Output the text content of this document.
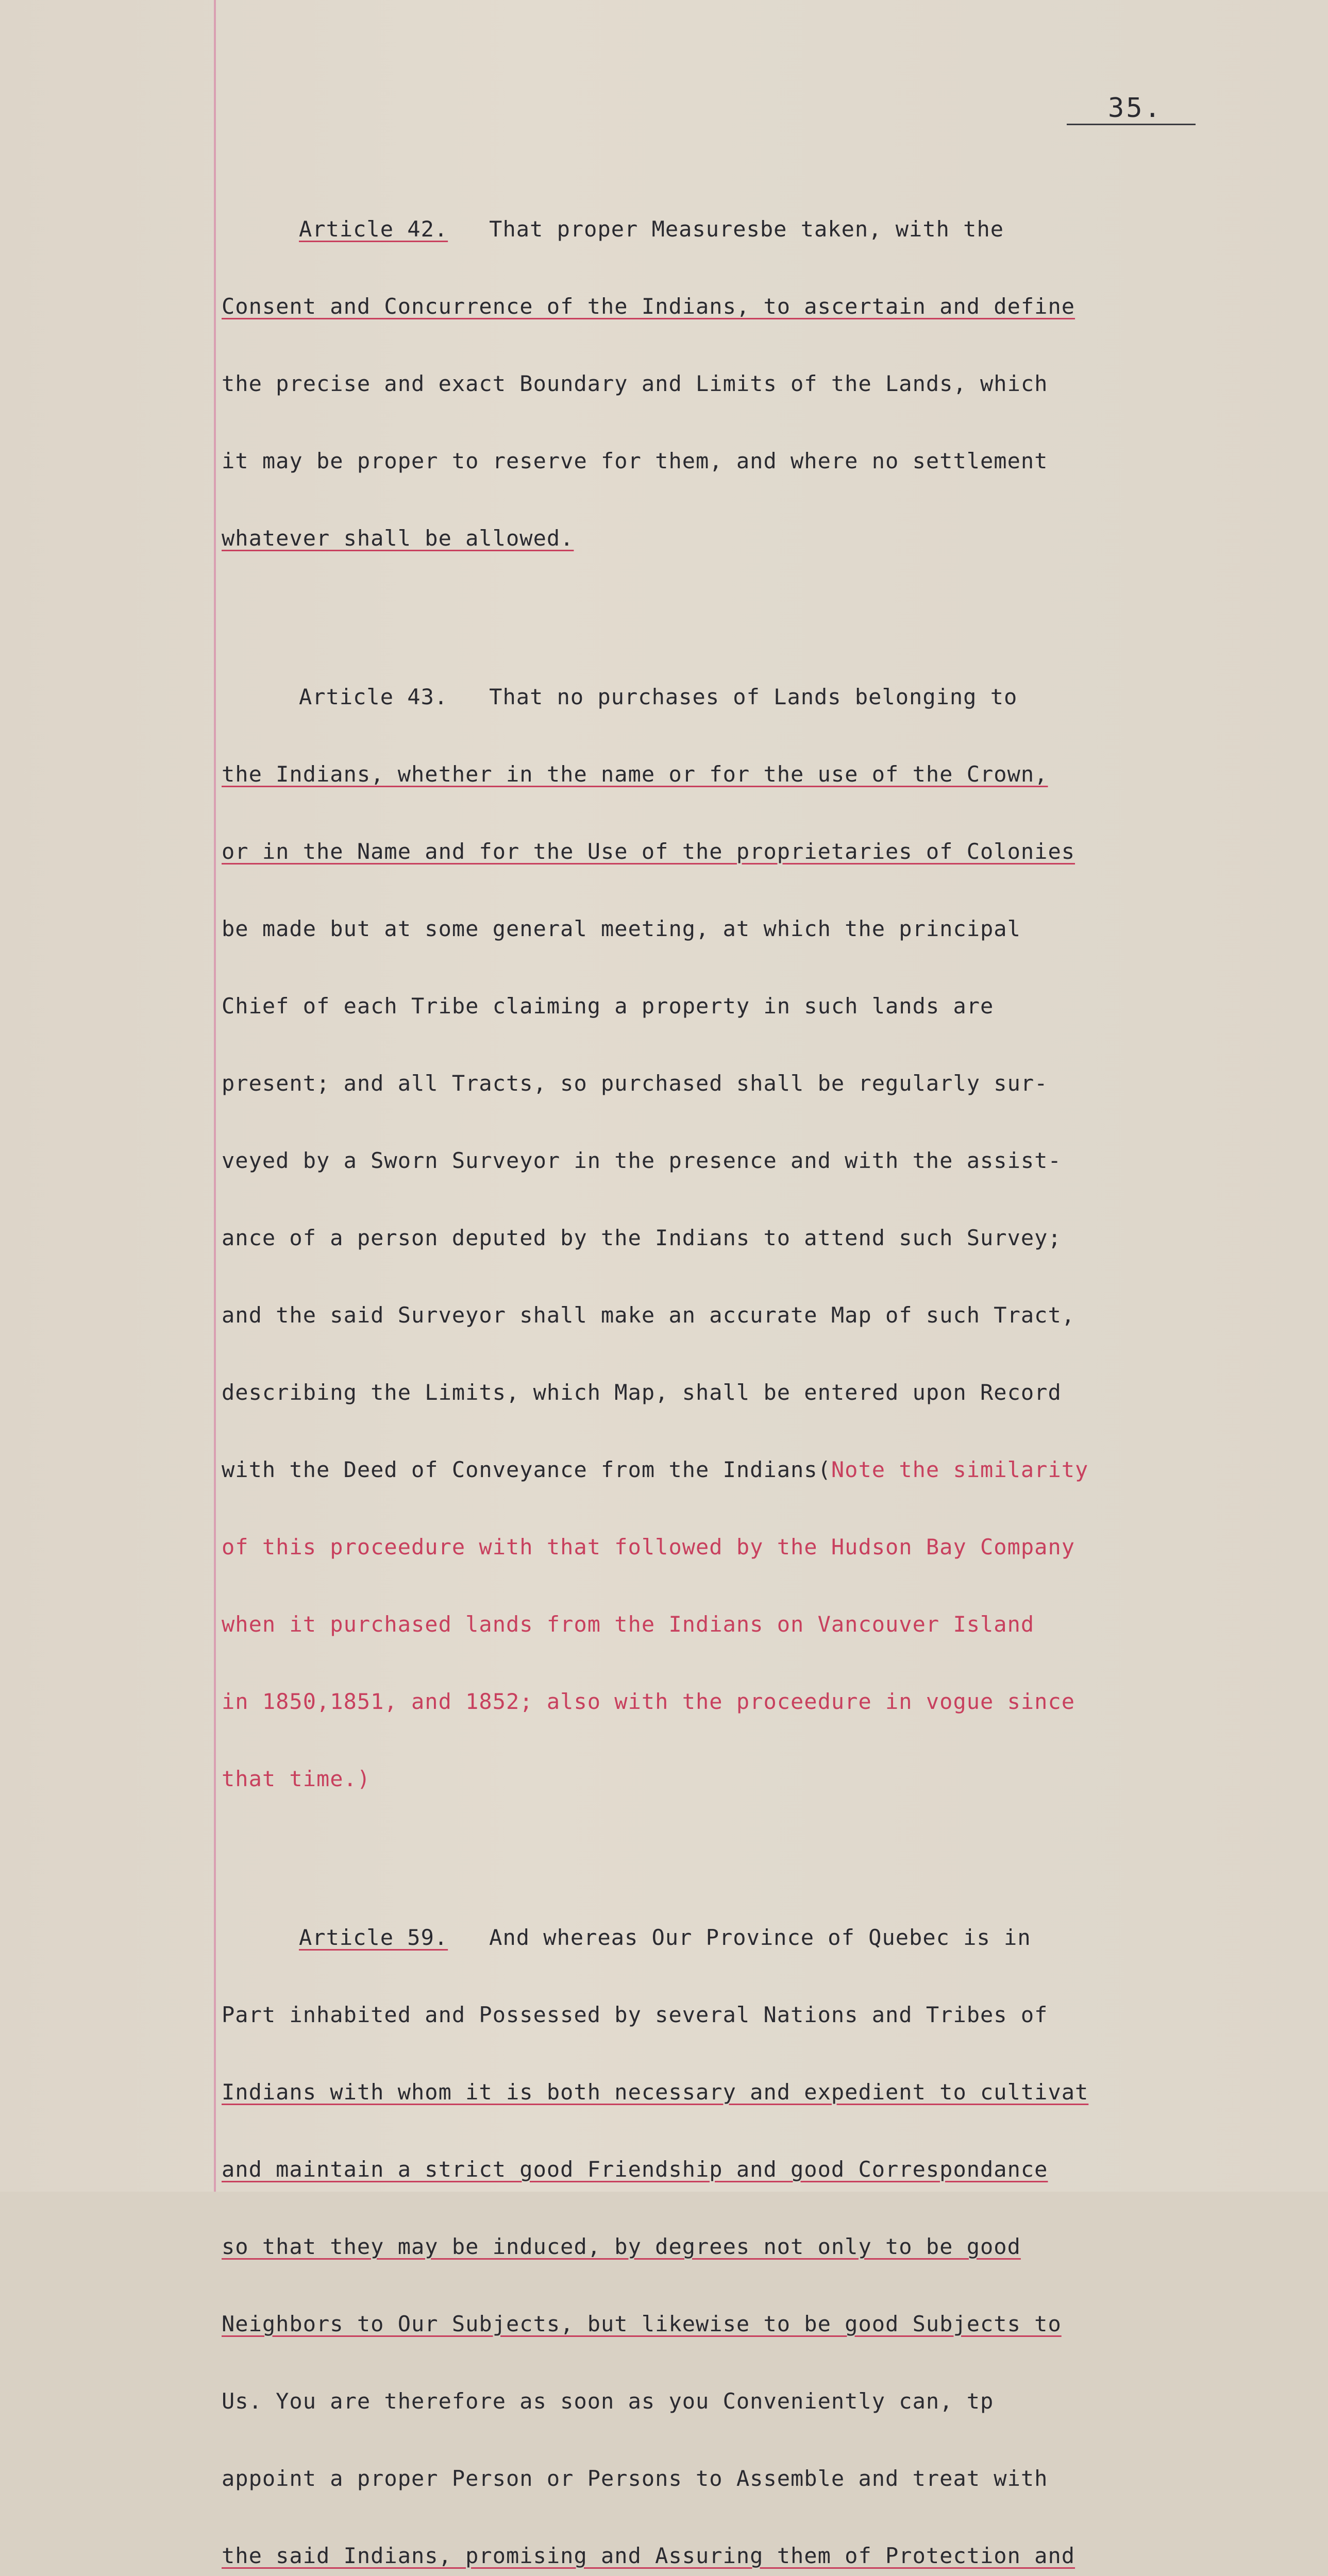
35.

Article 42. That proper Measuresbe taken, with the

Consent and Concurrence of the Indians, to ascertain and define

the precise and exact Boundary and Limits of the Lands, which

it may be proper to reserve for them, and where no settlement

whatever shall be allowed.

Article 43. That no purchases of Lands belonging to

the Indians, whether in the name or for the use of the Crown,

or in the Name and for the Use of the proprietaries of Colonies

be made but at some general meeting, at which the principal

Chief of each Tribe claiming a property in such lands are

present; and all Tracts, so purchased shall be regularly sur-

veyed by a Sworn Surveyor in the presence and with the assist-

ance of a person deputed by the Indians to attend such Survey;

and the said Surveyor shall make an accurate Map of such Tract,

describing the Limits, which Map, shall be entered upon Record

with the Deed of Conveyance from the Indians(Note the similarity

of this proceedure with that followed by the Hudson Bay Company

when it purchased lands from the Indians on Vancouver Island

in 1850,1851, and 1852; also with the proceedure in vogue since

that time.)

Article 59. And whereas Our Province of Quebec is in

Part inhabited and Possessed by several Nations and Tribes of

Indians with whom it is both necessary and expedient to cultivat

and maintain a strict good Friendship and good Correspondance

so that they may be induced, by degrees not only to be good

Neighbors to Our Subjects, but likewise to be good Subjects to

Us. You are therefore as soon as you Conveniently can, tp

appoint a proper Person or Persons to Assemble and treat with

the said Indians, promising and Assuring them of Protection and
